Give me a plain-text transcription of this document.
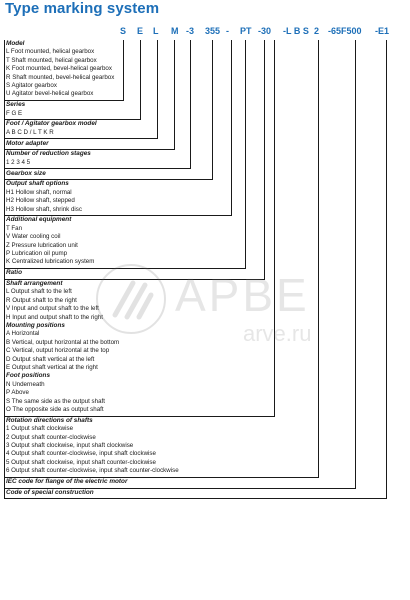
Type marking system
S E L M -3 355 - PT -30 -L B S 2 -65F500 -E1
Model
L Foot mounted, helical gearbox
T Shaft mounted, helical gearbox
K Foot mounted, bevel-helical gearbox
R Shaft mounted, bevel-helical gearbox
S Agitator gearbox
U Agitator bevel-helical gearbox
Series
F G E
Foot / Agitator gearbox model
A B C D / L T K R
Motor adapter
Number of reduction stages
1 2 3 4 5
Gearbox size
Output shaft options
H1 Hollow shaft, normal
H2 Hollow shaft, stepped
H3 Hollow shaft, shrink disc
Additional equipment
T Fan
V Water cooling coil
Z Pressure lubrication unit
P Lubrication oil pump
K Centralized lubrication system
Ratio
Shaft arrangement
L Output shaft to the left
R Output shaft to the right
V Input and output shaft to the left
H Input and output shaft to the right
Mounting positions
A Horizontal
B Vertical, output horizontal at the bottom
C Vertical, output horizontal at the top
D Output shaft vertical at the left
E Output shaft vertical at the right
Foot positions
N Underneath
P Above
S The same side as the output shaft
O The opposite side as output shaft
Rotation directions of shafts
1 Output shaft clockwise
2 Output shaft counter-clockwise
3 Output shaft clockwise, input shaft clockwise
4 Output shaft counter-clockwise, input shaft clockwise
5 Output shaft clockwise, input shaft counter-clockwise
6 Output shaft counter-clockwise, input shaft counter-clockwise
IEC code for flange of the electric motor
Code of special construction
АРВЕ
arve.ru
